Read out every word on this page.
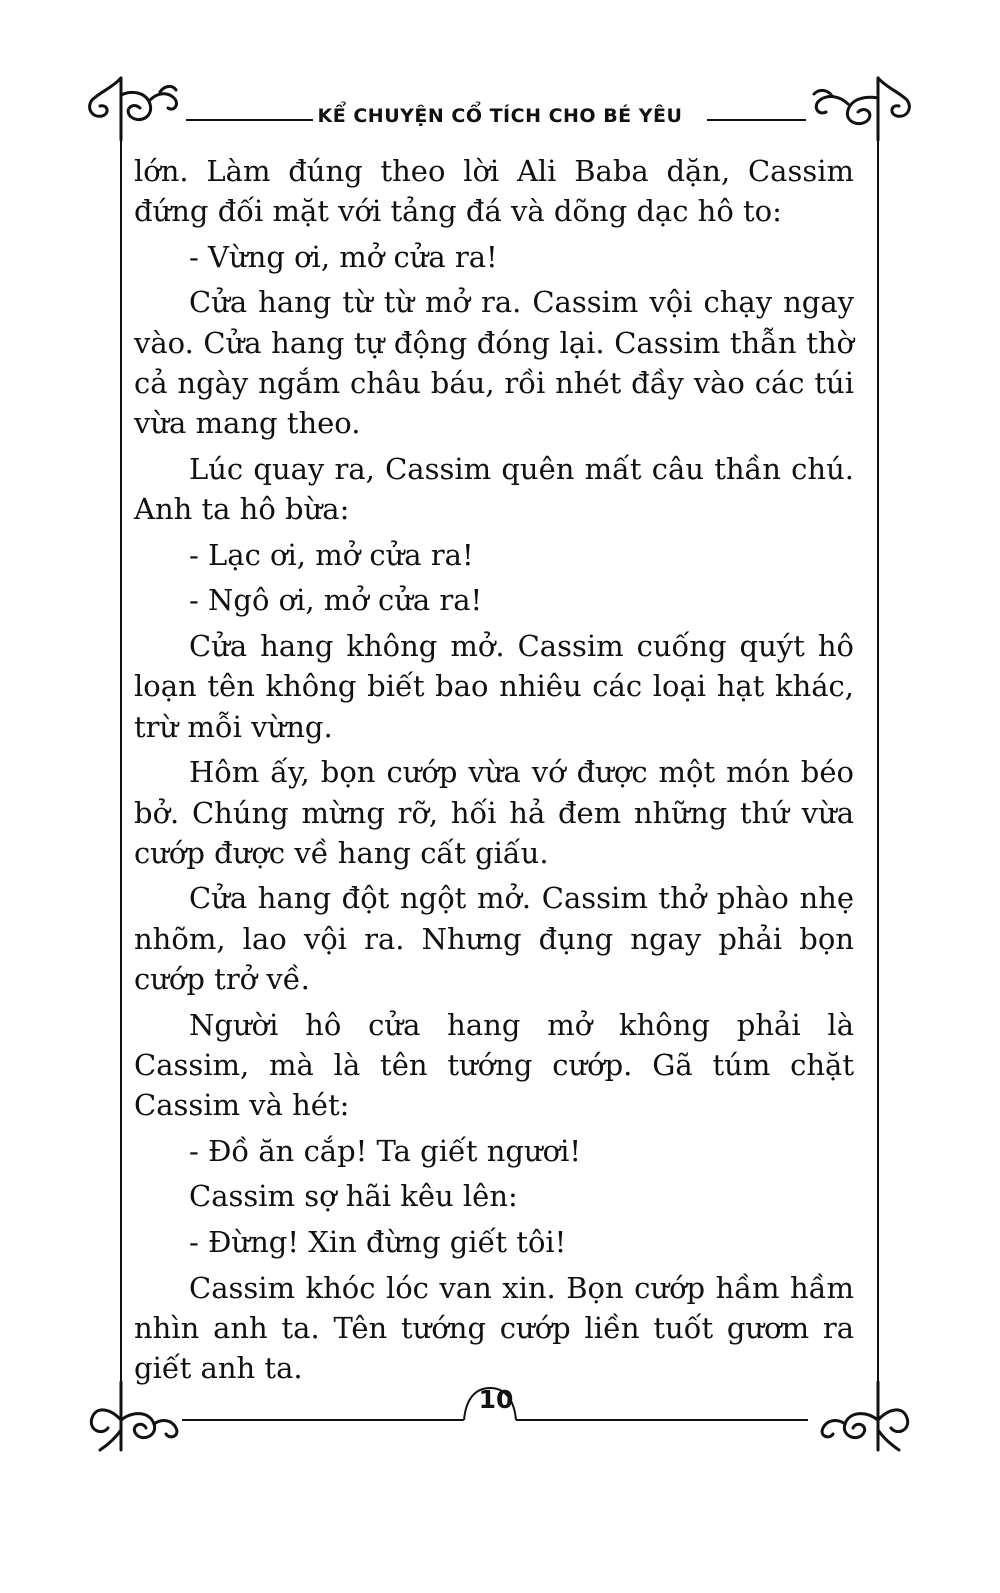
KỂ CHUYỆN CỔ TÍCH CHO BÉ YÊU

lớn. Làm đúng theo lời Ali Baba dặn, Cassim đứng đối mặt với tảng đá và dõng dạc hô to:

- Vừng ơi, mở cửa ra!

Cửa hang từ từ mở ra. Cassim vội chạy ngay vào. Cửa hang tự động đóng lại. Cassim thẫn thờ cả ngày ngắm châu báu, rồi nhét đầy vào các túi vừa mang theo.

Lúc quay ra, Cassim quên mất câu thần chú. Anh ta hô bừa:

- Lạc ơi, mở cửa ra!

- Ngô ơi, mở cửa ra!

Cửa hang không mở. Cassim cuống quýt hô loạn tên không biết bao nhiêu các loại hạt khác, trừ mỗi vừng.

Hôm ấy, bọn cướp vừa vớ được một món béo bở. Chúng mừng rỡ, hối hả đem những thứ vừa cướp được về hang cất giấu.

Cửa hang đột ngột mở. Cassim thở phào nhẹ nhõm, lao vội ra. Nhưng đụng ngay phải bọn cướp trở về.

Người hô cửa hang mở không phải là Cassim, mà là tên tướng cướp. Gã túm chặt Cassim và hét:

- Đồ ăn cắp! Ta giết ngươi!

Cassim sợ hãi kêu lên:

- Đừng! Xin đừng giết tôi!

Cassim khóc lóc van xin. Bọn cướp hầm hầm nhìn anh ta. Tên tướng cướp liền tuốt gươm ra giết anh ta.

10
